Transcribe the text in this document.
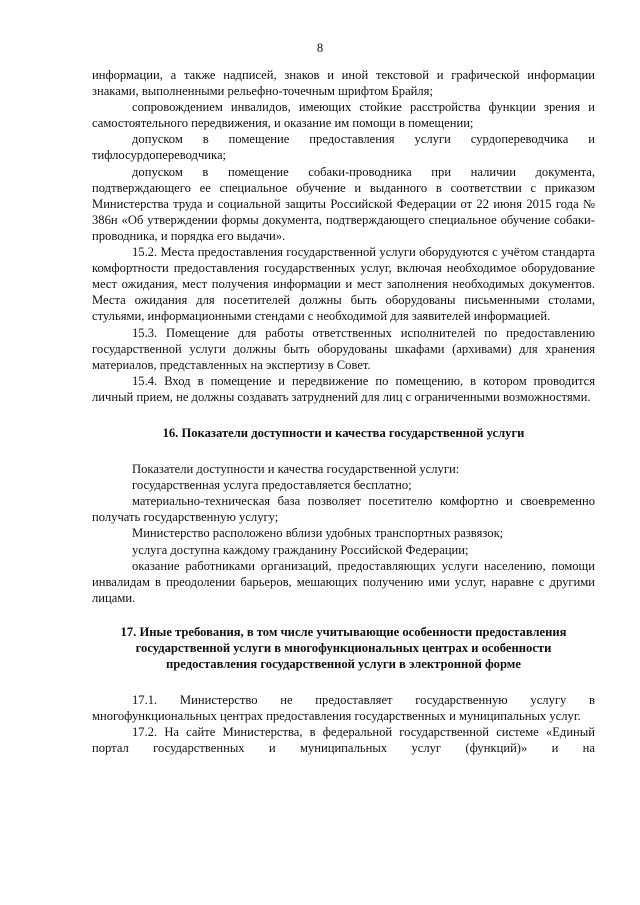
8

информации, а также надписей, знаков и иной текстовой и графической информации знаками, выполненными рельефно-точечным шрифтом Брайля;

сопровождением инвалидов, имеющих стойкие расстройства функции зрения и самостоятельного передвижения, и оказание им помощи в помещении;

допуском в помещение предоставления услуги сурдопереводчика и тифлосурдопереводчика;

допуском в помещение собаки-проводника при наличии документа, подтверждающего ее специальное обучение и выданного в соответствии с приказом Министерства труда и социальной защиты Российской Федерации от 22 июня 2015 года № 386н «Об утверждении формы документа, подтверждающего специальное обучение собаки-проводника, и порядка его выдачи».

15.2. Места предоставления государственной услуги оборудуются с учётом стандарта комфортности предоставления государственных услуг, включая необходимое оборудование мест ожидания, мест получения информации и мест заполнения необходимых документов. Места ожидания для посетителей должны быть оборудованы письменными столами, стульями, информационными стендами с необходимой для заявителей информацией.

15.3. Помещение для работы ответственных исполнителей по предоставлению государственной услуги должны быть оборудованы шкафами (архивами) для хранения материалов, представленных на экспертизу в Совет.

15.4. Вход в помещение и передвижение по помещению, в котором проводится личный прием, не должны создавать затруднений для лиц с ограниченными возможностями.

16. Показатели доступности и качества государственной услуги

Показатели доступности и качества государственной услуги:

государственная услуга предоставляется бесплатно;

материально-техническая база позволяет посетителю комфортно и своевременно получать государственную услугу;

Министерство расположено вблизи удобных транспортных развязок;

услуга доступна каждому гражданину Российской Федерации;

оказание работниками организаций, предоставляющих услуги населению, помощи инвалидам в преодолении барьеров, мешающих получению ими услуг, наравне с другими лицами.

17. Иные требования, в том числе учитывающие особенности предоставления государственной услуги в многофункциональных центрах и особенности предоставления государственной услуги в электронной форме

17.1. Министерство не предоставляет государственную услугу в многофункциональных центрах предоставления государственных и муниципальных услуг.

17.2. На сайте Министерства, в федеральной государственной системе «Единый портал государственных и муниципальных услуг (функций)» и на
